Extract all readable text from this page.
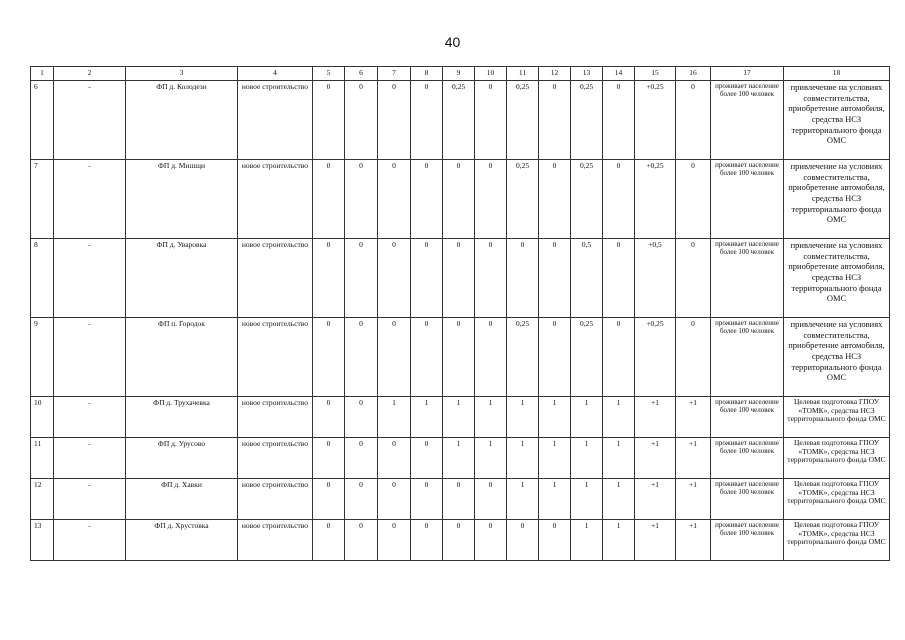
40
1	2	3	4	5	6	7	8	9	10	11	12	13	14	15	16	17	18
6	-	ФП д. Колодези	новое строительство	0	0	0	0	0,25	0	0,25	0	0,25	0	+0,25	0	проживает население более 100 человек	привлечение на условиях совместительства, приобретение автомобиля, средства НСЗ территориального фонда ОМС
7	-	ФП д. Мишщи	новое строительство	0	0	0	0	0	0	0,25	0	0,25	0	+0,25	0	проживает население более 100 человек	привлечение на условиях совместительства, приобретение автомобиля, средства НСЗ территориального фонда ОМС
8	-	ФП д. Уваровка	новое строительство	0	0	0	0	0	0	0	0	0,5	0	+0,5	0	проживает население более 100 человек	привлечение на условиях совместительства, приобретение автомобиля, средства НСЗ территориального фонда ОМС
9	-	ФП п. Городок	новое строительство	0	0	0	0	0	0	0,25	0	0,25	0	+0,25	0	проживает население более 100 человек	привлечение на условиях совместительства, приобретение автомобиля, средства НСЗ территориального фонда ОМС
10	-	ФП д. Трухачевка	новое строительство	0	0	1	1	1	1	1	1	1	1	+1	+1	проживает население более 100 человек	Целевая подготовка ГПОУ «ТОМК», средства НСЗ территориального фонда ОМС
11	-	ФП д. Урусово	новое строительство	0	0	0	0	1	1	1	1	1	1	+1	+1	проживает население более 100 человек	Целевая подготовка ГПОУ «ТОМК», средства НСЗ территориального фонда ОМС
12	-	ФП д. Хавки	новое строительство	0	0	0	0	0	0	1	1	1	1	+1	+1	проживает население более 100 человек	Целевая подготовка ГПОУ «ТОМК», средства НСЗ территориального фонда ОМС
13	-	ФП д. Хрустовка	новое строительство	0	0	0	0	0	0	0	0	1	1	+1	+1	проживает население более 100 человек	Целевая подготовка ГПОУ «ТОМК», средства НСЗ территориального фонда ОМС
